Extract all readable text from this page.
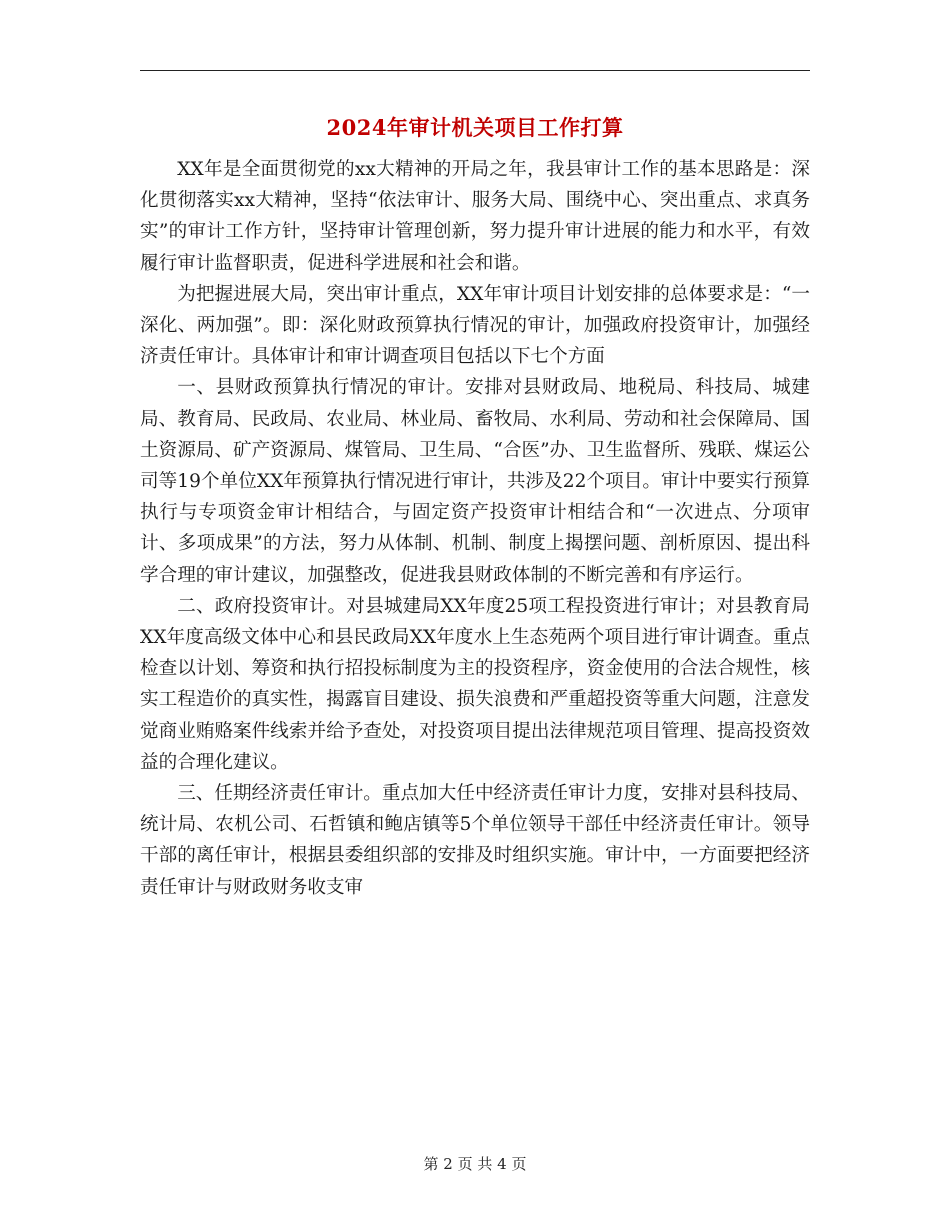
2024年审计机关项目工作打算

XX年是全面贯彻党的xx大精神的开局之年，我县审计工作的基本思路是：深化贯彻落实xx大精神，坚持“依法审计、服务大局、围绕中心、突出重点、求真务实”的审计工作方针，坚持审计管理创新，努力提升审计进展的能力和水平，有效履行审计监督职责，促进科学进展和社会和谐。

为把握进展大局，突出审计重点，XX年审计项目计划安排的总体要求是：“一深化、两加强”。即：深化财政预算执行情况的审计，加强政府投资审计，加强经济责任审计。具体审计和审计调查项目包括以下七个方面

一、县财政预算执行情况的审计。安排对县财政局、地税局、科技局、城建局、教育局、民政局、农业局、林业局、畜牧局、水利局、劳动和社会保障局、国土资源局、矿产资源局、煤管局、卫生局、“合医”办、卫生监督所、残联、煤运公司等19个单位XX年预算执行情况进行审计，共涉及22个项目。审计中要实行预算执行与专项资金审计相结合，与固定资产投资审计相结合和“一次进点、分项审计、多项成果”的方法，努力从体制、机制、制度上揭摆问题、剖析原因、提出科学合理的审计建议，加强整改，促进我县财政体制的不断完善和有序运行。

二、政府投资审计。对县城建局XX年度25项工程投资进行审计；对县教育局XX年度高级文体中心和县民政局XX年度水上生态苑两个项目进行审计调查。重点检查以计划、筹资和执行招投标制度为主的投资程序，资金使用的合法合规性，核实工程造价的真实性，揭露盲目建设、损失浪费和严重超投资等重大问题，注意发觉商业贿赂案件线索并给予查处，对投资项目提出法律规范项目管理、提高投资效益的合理化建议。

三、任期经济责任审计。重点加大任中经济责任审计力度，安排对县科技局、统计局、农机公司、石哲镇和鲍店镇等5个单位领导干部任中经济责任审计。领导干部的离任审计，根据县委组织部的安排及时组织实施。审计中，一方面要把经济责任审计与财政财务收支审

第 2 页 共 4 页
